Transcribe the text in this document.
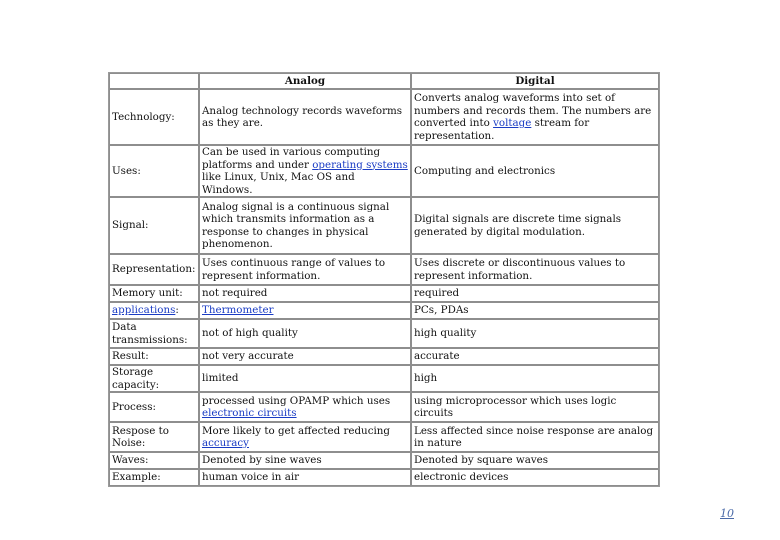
	Analog	Digital
Technology:	Analog technology records waveforms as they are.	Converts analog waveforms into set of numbers and records them. The numbers are converted into voltage stream for representation.
Uses:	Can be used in various computing platforms and under operating systems like Linux, Unix, Mac OS and Windows.	Computing and electronics
Signal:	Analog signal is a continuous signal which transmits information as a response to changes in physical phenomenon.	Digital signals are discrete time signals generated by digital modulation.
Representation:	Uses continuous range of values to represent information.	Uses discrete or discontinuous values to represent information.
Memory unit:	not required	required
applications:	Thermometer	PCs, PDAs
Data transmissions:	not of high quality	high quality
Result:	not very accurate	accurate
Storage capacity:	limited	high
Process:	processed using OPAMP which uses electronic circuits	using microprocessor which uses logic circuits
Respose to Noise:	More likely to get affected reducing accuracy	Less affected since noise response are analog in nature
Waves:	Denoted by sine waves	Denoted by square waves
Example:	human voice in air	electronic devices
10
